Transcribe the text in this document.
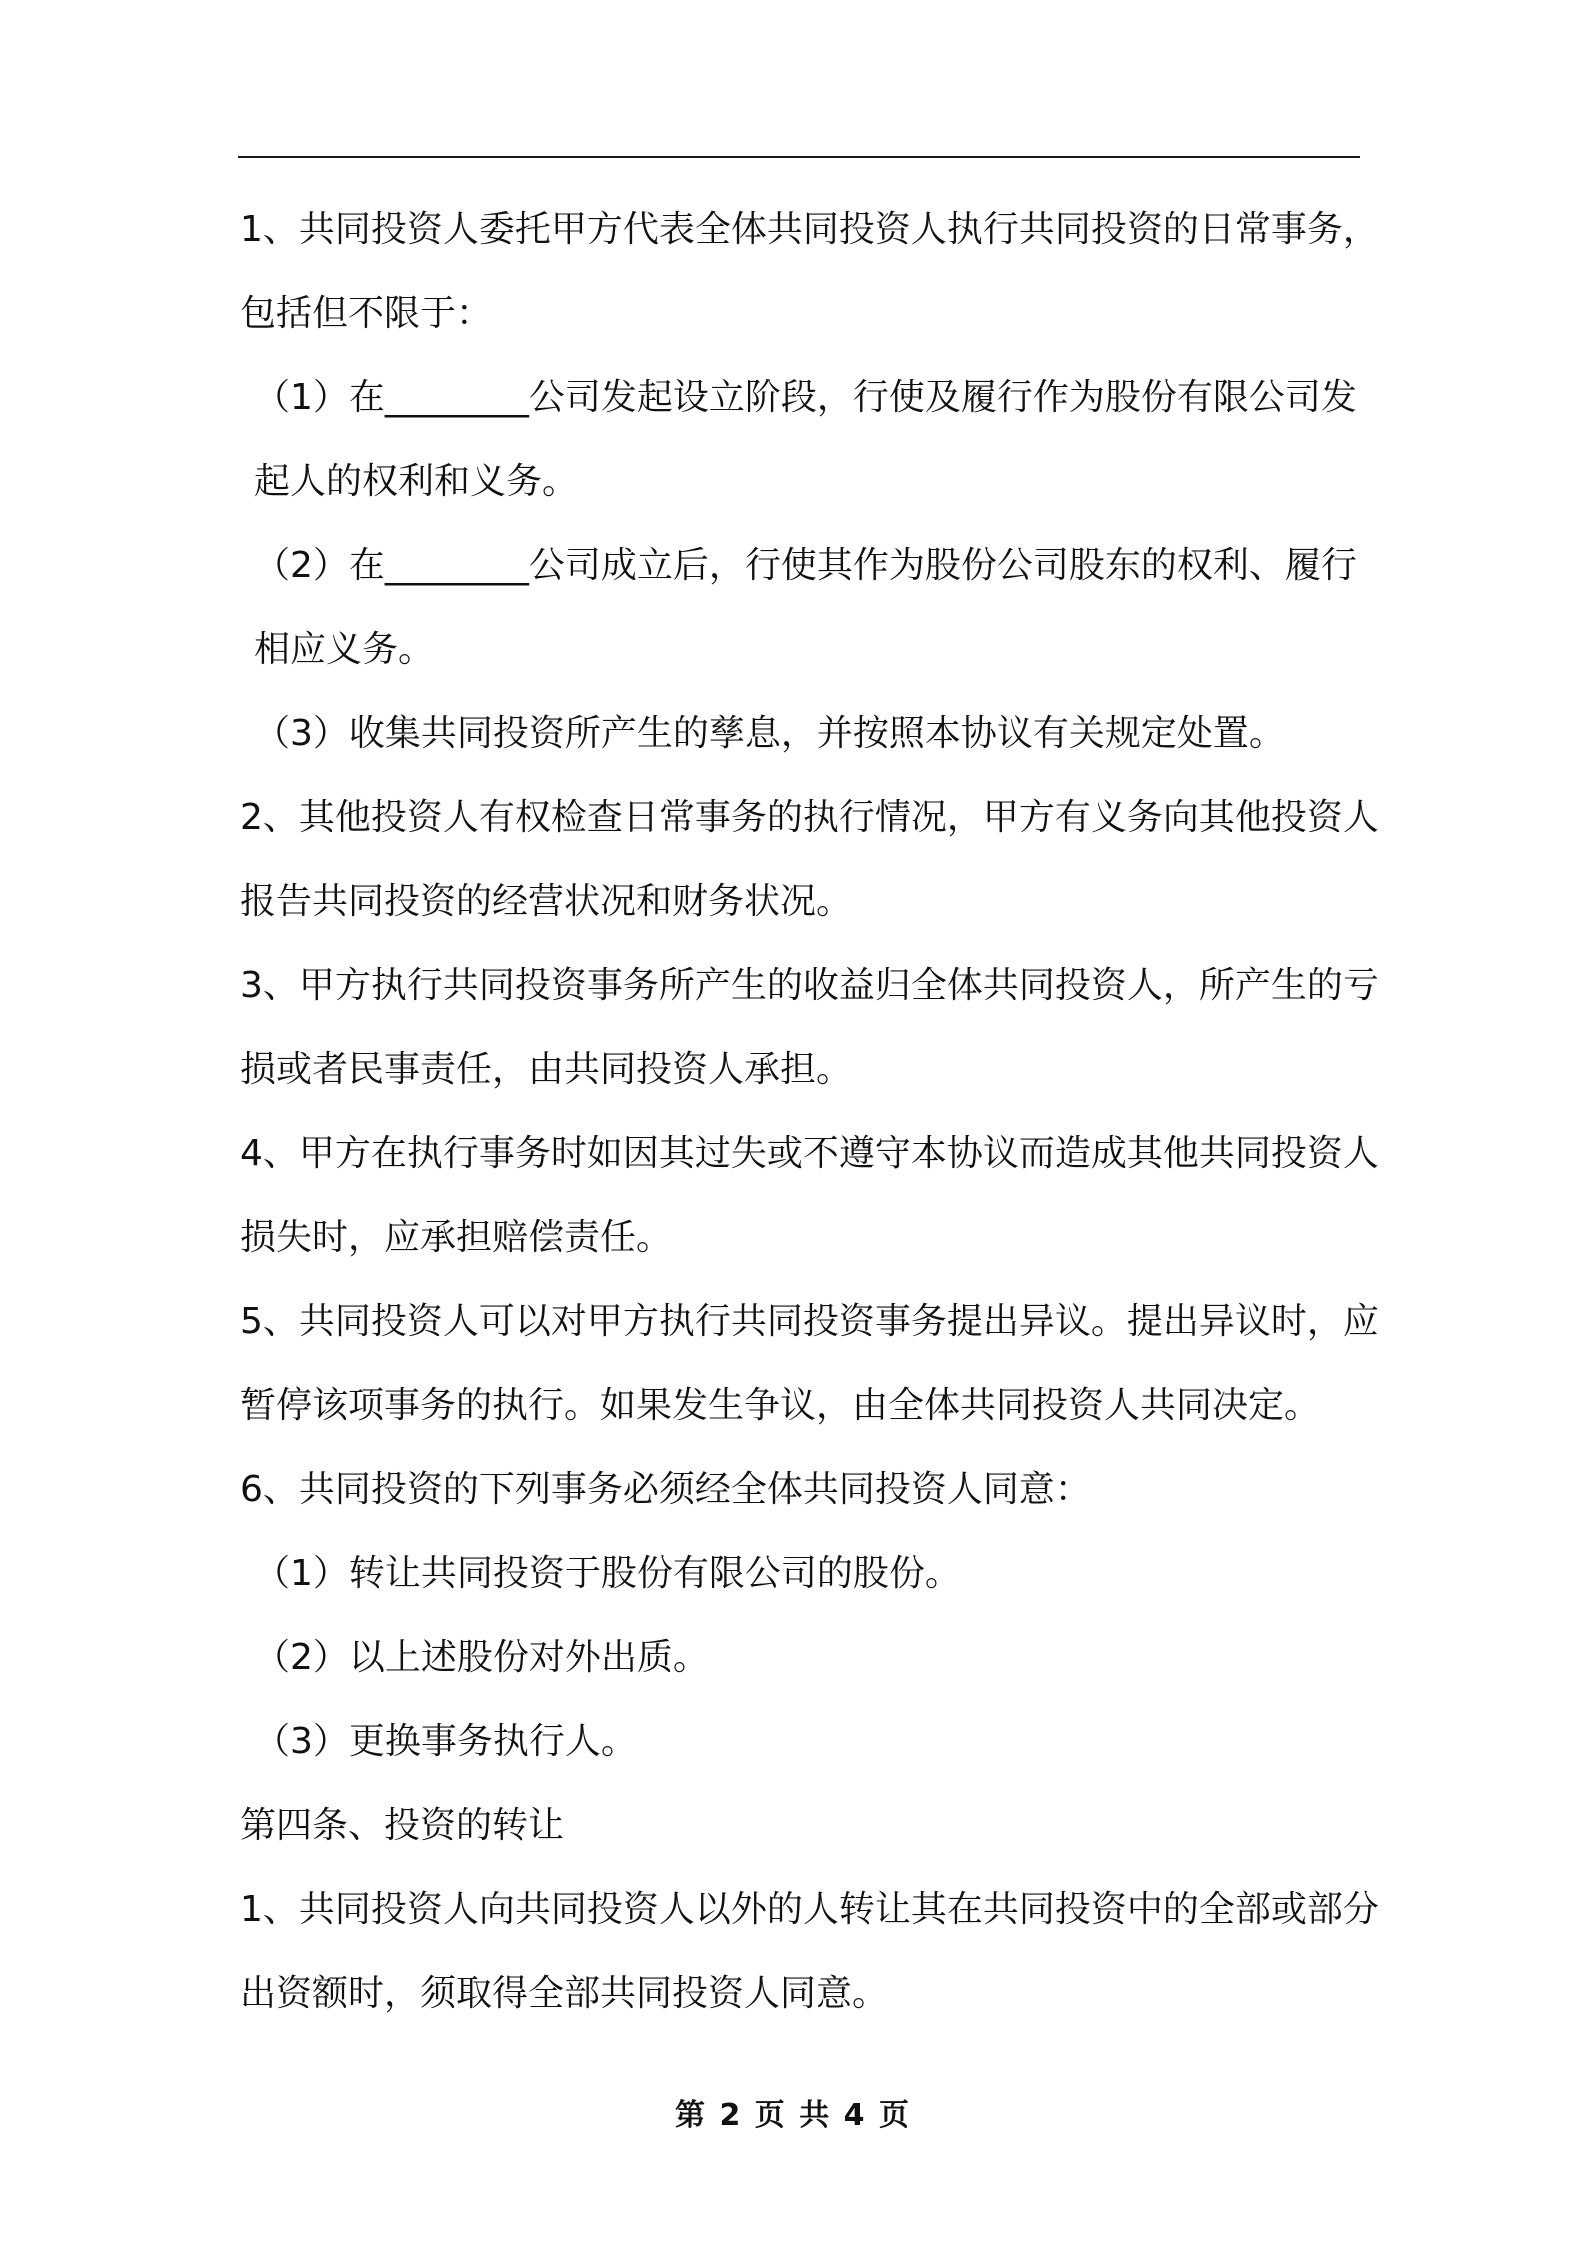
1、共同投资人委托甲方代表全体共同投资人执行共同投资的日常事务，包括但不限于：

（1）在________公司发起设立阶段，行使及履行作为股份有限公司发起人的权利和义务。

（2）在________公司成立后，行使其作为股份公司股东的权利、履行相应义务。

（3）收集共同投资所产生的孳息，并按照本协议有关规定处置。

2、其他投资人有权检查日常事务的执行情况，甲方有义务向其他投资人报告共同投资的经营状况和财务状况。

3、甲方执行共同投资事务所产生的收益归全体共同投资人，所产生的亏损或者民事责任，由共同投资人承担。

4、甲方在执行事务时如因其过失或不遵守本协议而造成其他共同投资人损失时，应承担赔偿责任。

5、共同投资人可以对甲方执行共同投资事务提出异议。提出异议时，应暂停该项事务的执行。如果发生争议，由全体共同投资人共同决定。

6、共同投资的下列事务必须经全体共同投资人同意：

（1）转让共同投资于股份有限公司的股份。

（2）以上述股份对外出质。

（3）更换事务执行人。

第四条、投资的转让

1、共同投资人向共同投资人以外的人转让其在共同投资中的全部或部分出资额时，须取得全部共同投资人同意。

第 2 页 共 4 页
